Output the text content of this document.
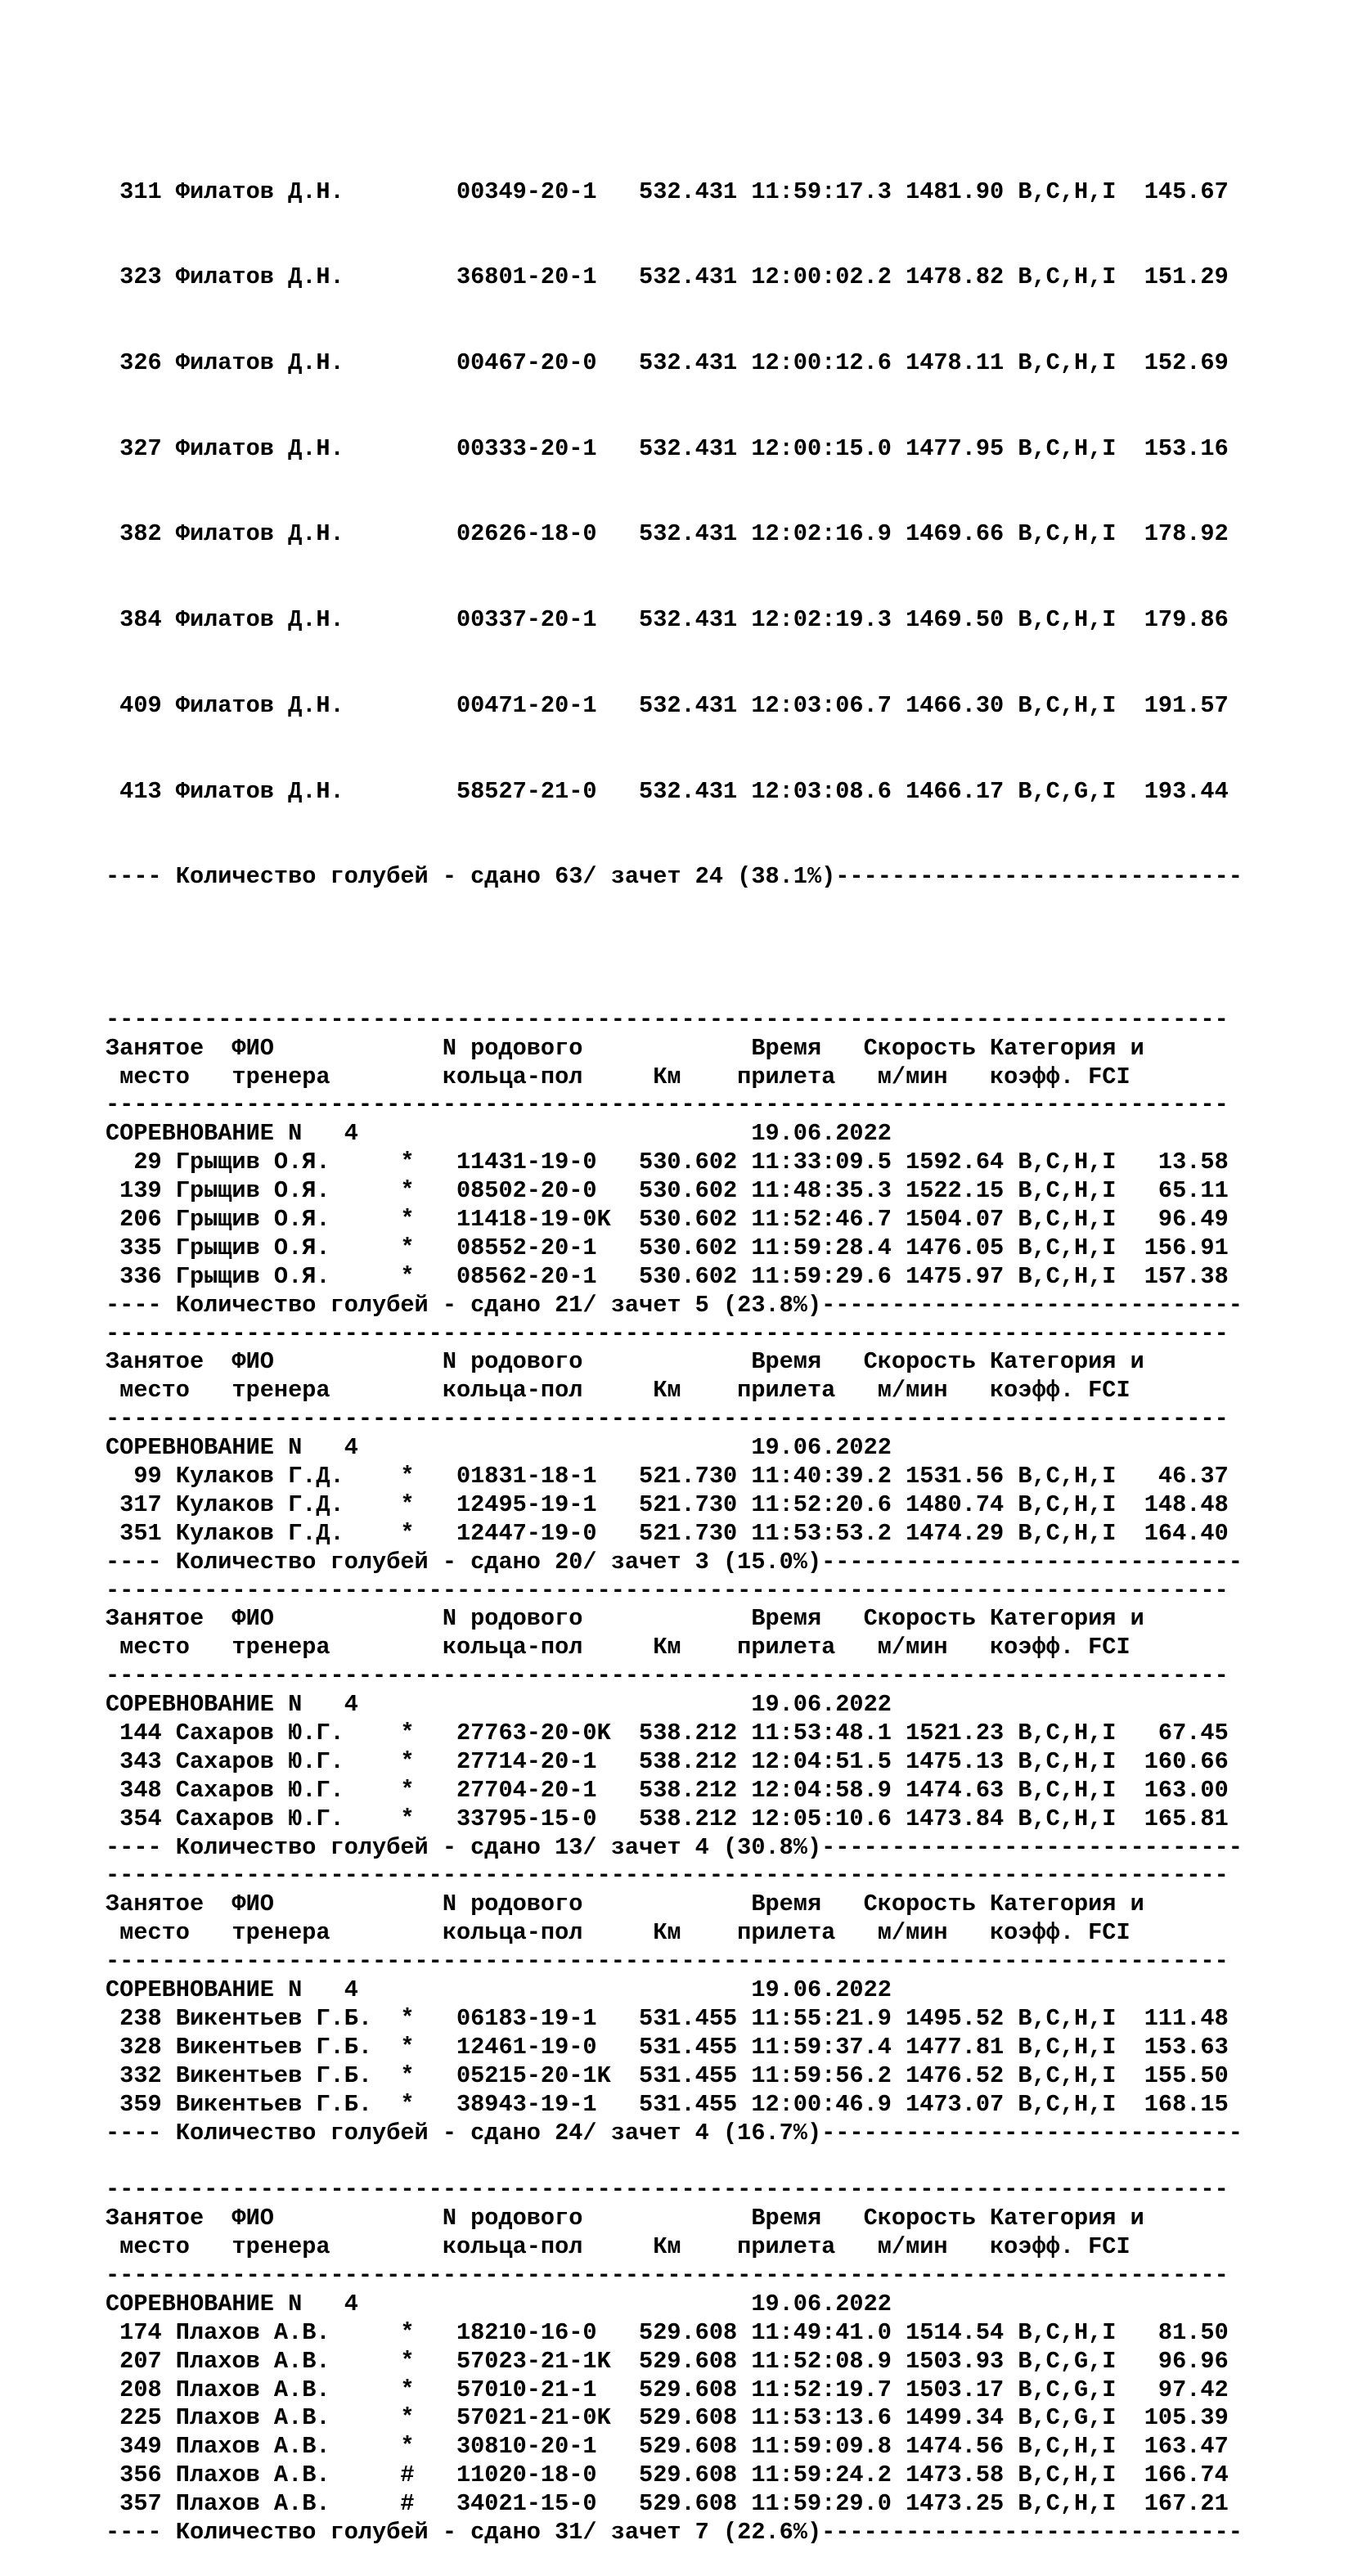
311 Филатов Д.Н.        00349-20-1   532.431 11:59:17.3 1481.90 B,C,H,I  145.67

323 Филатов Д.Н.        36801-20-1   532.431 12:00:02.2 1478.82 B,C,H,I  151.29

326 Филатов Д.Н.        00467-20-0   532.431 12:00:12.6 1478.11 B,C,H,I  152.69

327 Филатов Д.Н.        00333-20-1   532.431 12:00:15.0 1477.95 B,C,H,I  153.16

382 Филатов Д.Н.        02626-18-0   532.431 12:02:16.9 1469.66 B,C,H,I  178.92

384 Филатов Д.Н.        00337-20-1   532.431 12:02:19.3 1469.50 B,C,H,I  179.86

409 Филатов Д.Н.        00471-20-1   532.431 12:03:06.7 1466.30 B,C,H,I  191.57

413 Филатов Д.Н.        58527-21-0   532.431 12:03:08.6 1466.17 B,C,G,I  193.44

---- Количество голубей - сдано 63/ зачет 24 (38.1%)-----------------------------

--------------------------------------------------------------------------------
Занятое  ФИО            N родового            Время   Скорость Категория и
место   тренера        кольца-пол     Км    прилета   м/мин   коэфф. FCI
--------------------------------------------------------------------------------
СОРЕВНОВАНИЕ N   4                            19.06.2022
29 Грыщив О.Я.     *   11431-19-0   530.602 11:33:09.5 1592.64 B,C,H,I   13.58
139 Грыщив О.Я.     *   08502-20-0   530.602 11:48:35.3 1522.15 B,C,H,I   65.11
206 Грыщив О.Я.     *   11418-19-0K  530.602 11:52:46.7 1504.07 B,C,H,I   96.49
335 Грыщив О.Я.     *   08552-20-1   530.602 11:59:28.4 1476.05 B,C,H,I  156.91
336 Грыщив О.Я.     *   08562-20-1   530.602 11:59:29.6 1475.97 B,C,H,I  157.38
---- Количество голубей - сдано 21/ зачет 5 (23.8%)------------------------------
--------------------------------------------------------------------------------
Занятое  ФИО            N родового            Время   Скорость Категория и
место   тренера        кольца-пол     Км    прилета   м/мин   коэфф. FCI
--------------------------------------------------------------------------------
СОРЕВНОВАНИЕ N   4                            19.06.2022
99 Кулаков Г.Д.    *   01831-18-1   521.730 11:40:39.2 1531.56 B,C,H,I   46.37
317 Кулаков Г.Д.    *   12495-19-1   521.730 11:52:20.6 1480.74 B,C,H,I  148.48
351 Кулаков Г.Д.    *   12447-19-0   521.730 11:53:53.2 1474.29 B,C,H,I  164.40
---- Количество голубей - сдано 20/ зачет 3 (15.0%)------------------------------
--------------------------------------------------------------------------------
Занятое  ФИО            N родового            Время   Скорость Категория и
место   тренера        кольца-пол     Км    прилета   м/мин   коэфф. FCI
--------------------------------------------------------------------------------
СОРЕВНОВАНИЕ N   4                            19.06.2022
144 Сахаров Ю.Г.    *   27763-20-0K  538.212 11:53:48.1 1521.23 B,C,H,I   67.45
343 Сахаров Ю.Г.    *   27714-20-1   538.212 12:04:51.5 1475.13 B,C,H,I  160.66
348 Сахаров Ю.Г.    *   27704-20-1   538.212 12:04:58.9 1474.63 B,C,H,I  163.00
354 Сахаров Ю.Г.    *   33795-15-0   538.212 12:05:10.6 1473.84 B,C,H,I  165.81
---- Количество голубей - сдано 13/ зачет 4 (30.8%)------------------------------
--------------------------------------------------------------------------------
Занятое  ФИО            N родового            Время   Скорость Категория и
место   тренера        кольца-пол     Км    прилета   м/мин   коэфф. FCI
--------------------------------------------------------------------------------
СОРЕВНОВАНИЕ N   4                            19.06.2022
238 Викентьев Г.Б.  *   06183-19-1   531.455 11:55:21.9 1495.52 B,C,H,I  111.48
328 Викентьев Г.Б.  *   12461-19-0   531.455 11:59:37.4 1477.81 B,C,H,I  153.63
332 Викентьев Г.Б.  *   05215-20-1K  531.455 11:59:56.2 1476.52 B,C,H,I  155.50
359 Викентьев Г.Б.  *   38943-19-1   531.455 12:00:46.9 1473.07 B,C,H,I  168.15
---- Количество голубей - сдано 24/ зачет 4 (16.7%)------------------------------
--------------------------------------------------------------------------------
Занятое  ФИО            N родового            Время   Скорость Категория и
место   тренера        кольца-пол     Км    прилета   м/мин   коэфф. FCI
--------------------------------------------------------------------------------
СОРЕВНОВАНИЕ N   4                            19.06.2022
174 Плахов А.В.     *   18210-16-0   529.608 11:49:41.0 1514.54 B,C,H,I   81.50
207 Плахов А.В.     *   57023-21-1K  529.608 11:52:08.9 1503.93 B,C,G,I   96.96
208 Плахов А.В.     *   57010-21-1   529.608 11:52:19.7 1503.17 B,C,G,I   97.42
225 Плахов А.В.     *   57021-21-0K  529.608 11:53:13.6 1499.34 B,C,G,I  105.39
349 Плахов А.В.     *   30810-20-1   529.608 11:59:09.8 1474.56 B,C,H,I  163.47
356 Плахов А.В.     #   11020-18-0   529.608 11:59:24.2 1473.58 B,C,H,I  166.74
357 Плахов А.В.     #   34021-15-0   529.608 11:59:29.0 1473.25 B,C,H,I  167.21
---- Количество голубей - сдано 31/ зачет 7 (22.6%)------------------------------
